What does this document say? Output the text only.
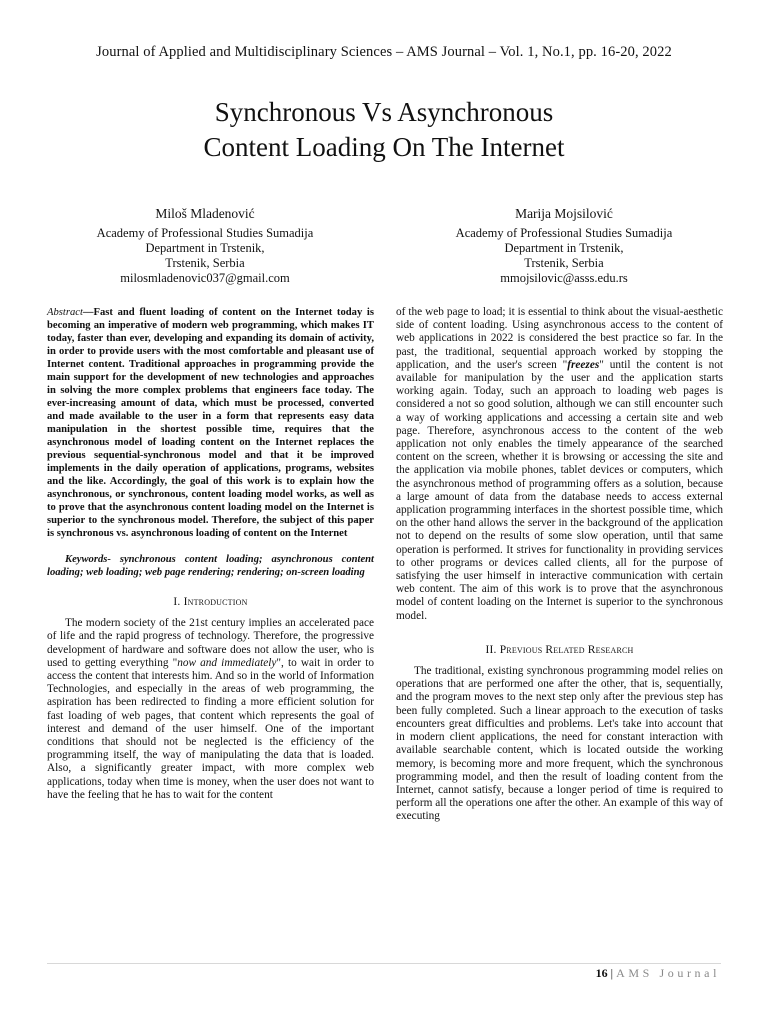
Journal of Applied and Multidisciplinary Sciences – AMS Journal – Vol. 1, No.1, pp. 16-20, 2022
Synchronous Vs Asynchronous
Content Loading On The Internet
Miloš Mladenović
Academy of Professional Studies Sumadija
Department in Trstenik,
Trstenik, Serbia
milosmladenovic037@gmail.com
Marija Mojsilović
Academy of Professional Studies Sumadija
Department in Trstenik,
Trstenik, Serbia
mmojsilovic@asss.edu.rs

Abstract—Fast and fluent loading of content on the Internet today is becoming an imperative of modern web programming, which makes IT today, faster than ever, developing and expanding its domain of activity, in order to provide users with the most comfortable and pleasant use of Internet content. Traditional approaches in programming provide the main support for the development of new technologies and approaches in solving the more complex problems that engineers face today. The ever-increasing amount of data, which must be processed, converted and made available to the user in a form that represents easy data manipulation in the shortest possible time, requires that the asynchronous model of loading content on the Internet replaces the previous sequential-synchronous model and that it be improved implements in the daily operation of applications, programs, websites and the like. Accordingly, the goal of this work is to explain how the asynchronous, or synchronous, content loading model works, as well as to prove that the asynchronous content loading model on the Internet is superior to the synchronous model. Therefore, the subject of this paper is synchronous vs. asynchronous loading of content on the Internet

Keywords- synchronous content loading; asynchronous content loading; web loading; web page rendering; rendering; on-screen loading

I. Introduction

The modern society of the 21st century implies an accelerated pace of life and the rapid progress of technology. Therefore, the progressive development of hardware and software does not allow the user, who is used to getting everything "now and immediately", to wait in order to access the content that interests him. And so in the world of Information Technologies, and especially in the areas of web programming, the aspiration has been redirected to finding a more efficient solution for fast loading of web pages, that content which represents the goal of interest and demand of the user himself. One of the important conditions that should not be neglected is the efficiency of the programming itself, the way of manipulating the data that is loaded. Also, a significantly greater impact, with more complex web applications, today when time is money, when the user does not want to have the feeling that he has to wait for the content

of the web page to load; it is essential to think about the visual-aesthetic side of content loading. Using asynchronous access to the content of web applications in 2022 is considered the best practice so far. In the past, the traditional, sequential approach worked by stopping the application, and the user's screen "freezes" until the content is not available for manipulation by the user and the application starts working again. Today, such an approach to loading web pages is considered a not so good solution, although we can still encounter such a way of working applications and accessing a certain site and web page. Therefore, asynchronous access to the content of the web application not only enables the timely appearance of the searched content on the screen, whether it is browsing or accessing the site and the application via mobile phones, tablet devices or computers, which the asynchronous method of programming offers as a solution, because a large amount of data from the database needs to access external application programming interfaces in the shortest possible time, which on the other hand allows the server in the background of the application not to depend on the results of some slow operation, until that same operation is performed. It strives for functionality in providing services to other programs or devices called clients, all for the purpose of satisfying the user himself in interactive communication with certain web content. The aim of this work is to prove that the asynchronous model of content loading on the Internet is superior to the synchronous model.

II. Previous Related Research

The traditional, existing synchronous programming model relies on operations that are performed one after the other, that is, sequentially, and the program moves to the next step only after the previous step has been fully completed. Such a linear approach to the execution of tasks encounters great difficulties and problems. Let's take into account that in modern client applications, the need for constant interaction with available searchable content, which is located outside the working memory, is becoming more and more frequent, which the synchronous programming model, and then the result of loading content from the Internet, cannot satisfy, because a longer period of time is required to perform all the operations one after the other. An example of this way of executing

16 | AMS Journal
